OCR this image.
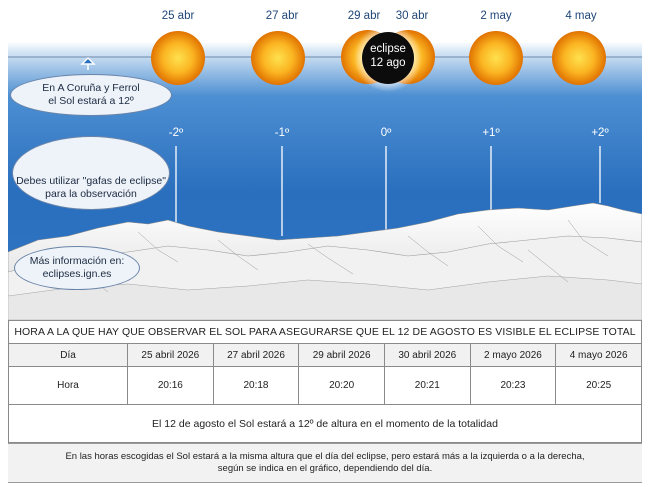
25 abr	27 abr	29 abr	30 abr	2 may	4 may
eclipse
12 ago
-2º	-1º	0º	+1º	+2º
En A Coruña y Ferrol
el Sol estará a 12º
Debes utilizar "gafas de eclipse"
para la observación
Más información en:
eclipses.ign.es
HORA A LA QUE HAY QUE OBSERVAR EL SOL PARA ASEGURARSE QUE EL 12 DE AGOSTO ES VISIBLE EL ECLIPSE TOTAL						
Día	25 abril 2026	27 abril 2026	29 abril 2026	30 abril 2026	2 mayo 2026	4 mayo 2026
Hora	20:16	20:18	20:20	20:21	20:23	20:25
El 12 de agosto el Sol estará a 12º de altura en el momento de la totalidad						
En las horas escogidas el Sol estará a la misma altura que el día del eclipse, pero estará más a la izquierda o a la derecha,
según se indica en el gráfico, dependiendo del día.
